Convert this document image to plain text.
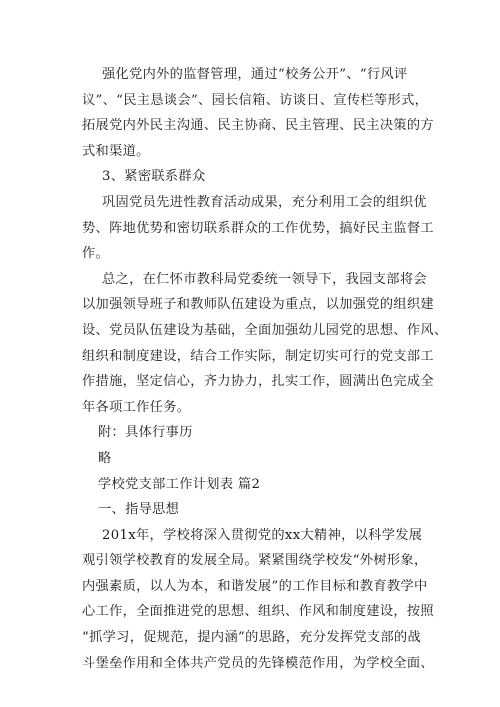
强化党内外的监督管理，通过“校务公开”、“行风评
议”、“民主恳谈会”、园长信箱、访谈日、宣传栏等形式，
拓展党内外民主沟通、民主协商、民主管理、民主决策的方
式和渠道。
3、紧密联系群众
巩固党员先进性教育活动成果，充分利用工会的组织优
势、阵地优势和密切联系群众的工作优势，搞好民主监督工
作。
总之，在仁怀市教科局党委统一领导下，我园支部将会
以加强领导班子和教师队伍建设为重点，以加强党的组织建
设、党员队伍建设为基础，全面加强幼儿园党的思想、作风、
组织和制度建设，结合工作实际，制定切实可行的党支部工
作措施，坚定信心，齐力协力，扎实工作，圆满出色完成全
年各项工作任务。
附：具体行事历
略
学校党支部工作计划表 篇2
一、指导思想
201x年，学校将深入贯彻党的xx大精神，以科学发展
观引领学校教育的发展全局。紧紧围绕学校发“外树形象，
内强素质，以人为本，和谐发展”的工作目标和教育教学中
心工作，全面推进党的思想、组织、作风和制度建设，按照
“抓学习，促规范，提内涵”的思路，充分发挥党支部的战
斗堡垒作用和全体共产党员的先锋模范作用，为学校全面、
